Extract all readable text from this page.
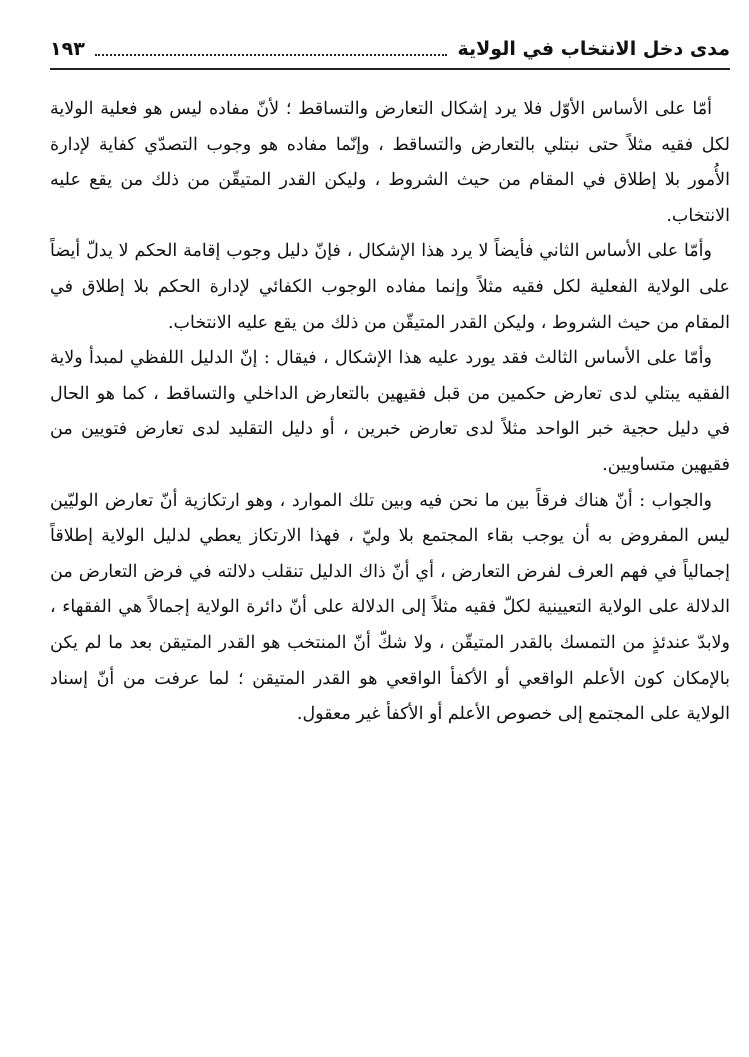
مدى دخل الانتخاب في الولاية
١٩٣

أمّا على الأساس الأوّل فلا يرد إشكال التعارض والتساقط ؛ لأنّ مفاده ليس هو فعلية الولاية لكل فقيه مثلاً حتى نبتلي بالتعارض والتساقط ، وإنّما مفاده هو وجوب التصدّي كفاية لإدارة الأُمور بلا إطلاق في المقام من حيث الشروط ، وليكن القدر المتيقّن من ذلك من يقع عليه الانتخاب.

وأمّا على الأساس الثاني فأيضاً لا يرد هذا الإشكال ، فإنّ دليل وجوب إقامة الحكم لا يدلّ أيضاً على الولاية الفعلية لكل فقيه مثلاً وإنما مفاده الوجوب الكفائي لإدارة الحكم بلا إطلاق في المقام من حيث الشروط ، وليكن القدر المتيقّن من ذلك من يقع عليه الانتخاب.

وأمّا على الأساس الثالث فقد يورد عليه هذا الإشكال ، فيقال : إنّ الدليل اللفظي لمبدأ ولاية الفقيه يبتلي لدى تعارض حكمين من قبل فقيهين بالتعارض الداخلي والتساقط ، كما هو الحال في دليل حجية خبر الواحد مثلاً لدى تعارض خبرين ، أو دليل التقليد لدى تعارض فتويين من فقيهين متساويين.

والجواب : أنّ هناك فرقاً بين ما نحن فيه وبين تلك الموارد ، وهو ارتكازية أنّ تعارض الوليّين ليس المفروض به أن يوجب بقاء المجتمع بلا وليّ ، فهذا الارتكاز يعطي لدليل الولاية إطلاقاً إجمالياً في فهم العرف لفرض التعارض ، أي أنّ ذاك الدليل تنقلب دلالته في فرض التعارض من الدلالة على الولاية التعيينية لكلّ فقيه مثلاً إلى الدلالة على أنّ دائرة الولاية إجمالاً هي الفقهاء ، ولابدّ عندئذٍ من التمسك بالقدر المتيقّن ، ولا شكّ أنّ المنتخب هو القدر المتيقن بعد ما لم يكن بالإمكان كون الأعلم الواقعي أو الأكفأ الواقعي هو القدر المتيقن ؛ لما عرفت من أنّ إسناد الولاية على المجتمع إلى خصوص الأعلم أو الأكفأ غير معقول.
